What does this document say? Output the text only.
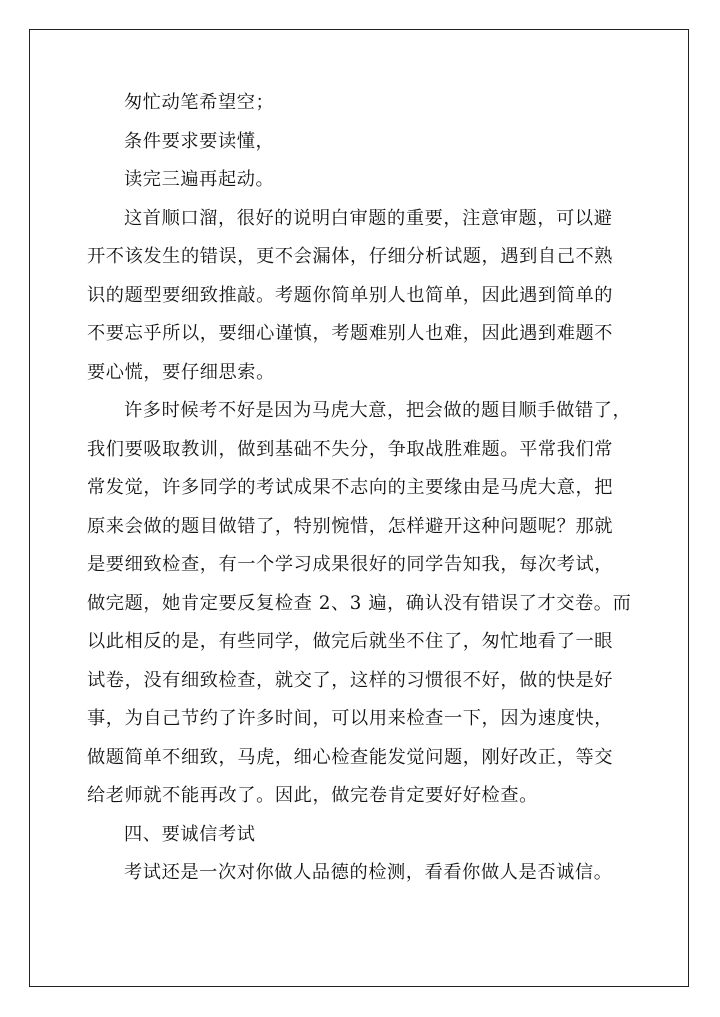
匆忙动笔希望空；
条件要求要读懂，
读完三遍再起动。
这首顺口溜，很好的说明白审题的重要，注意审题，可以避
开不该发生的错误，更不会漏体，仔细分析试题，遇到自己不熟
识的题型要细致推敲。考题你简单别人也简单，因此遇到简单的
不要忘乎所以，要细心谨慎，考题难别人也难，因此遇到难题不
要心慌，要仔细思索。
许多时候考不好是因为马虎大意，把会做的题目顺手做错了，
我们要吸取教训，做到基础不失分，争取战胜难题。平常我们常
常发觉，许多同学的考试成果不志向的主要缘由是马虎大意，把
原来会做的题目做错了，特别惋惜，怎样避开这种问题呢？那就
是要细致检查，有一个学习成果很好的同学告知我，每次考试，
做完题，她肯定要反复检查 2、3 遍，确认没有错误了才交卷。而
以此相反的是，有些同学，做完后就坐不住了，匆忙地看了一眼
试卷，没有细致检查，就交了，这样的习惯很不好，做的快是好
事，为自己节约了许多时间，可以用来检查一下，因为速度快，
做题简单不细致，马虎，细心检查能发觉问题，刚好改正，等交
给老师就不能再改了。因此，做完卷肯定要好好检查。
四、要诚信考试
考试还是一次对你做人品德的检测，看看你做人是否诚信。
